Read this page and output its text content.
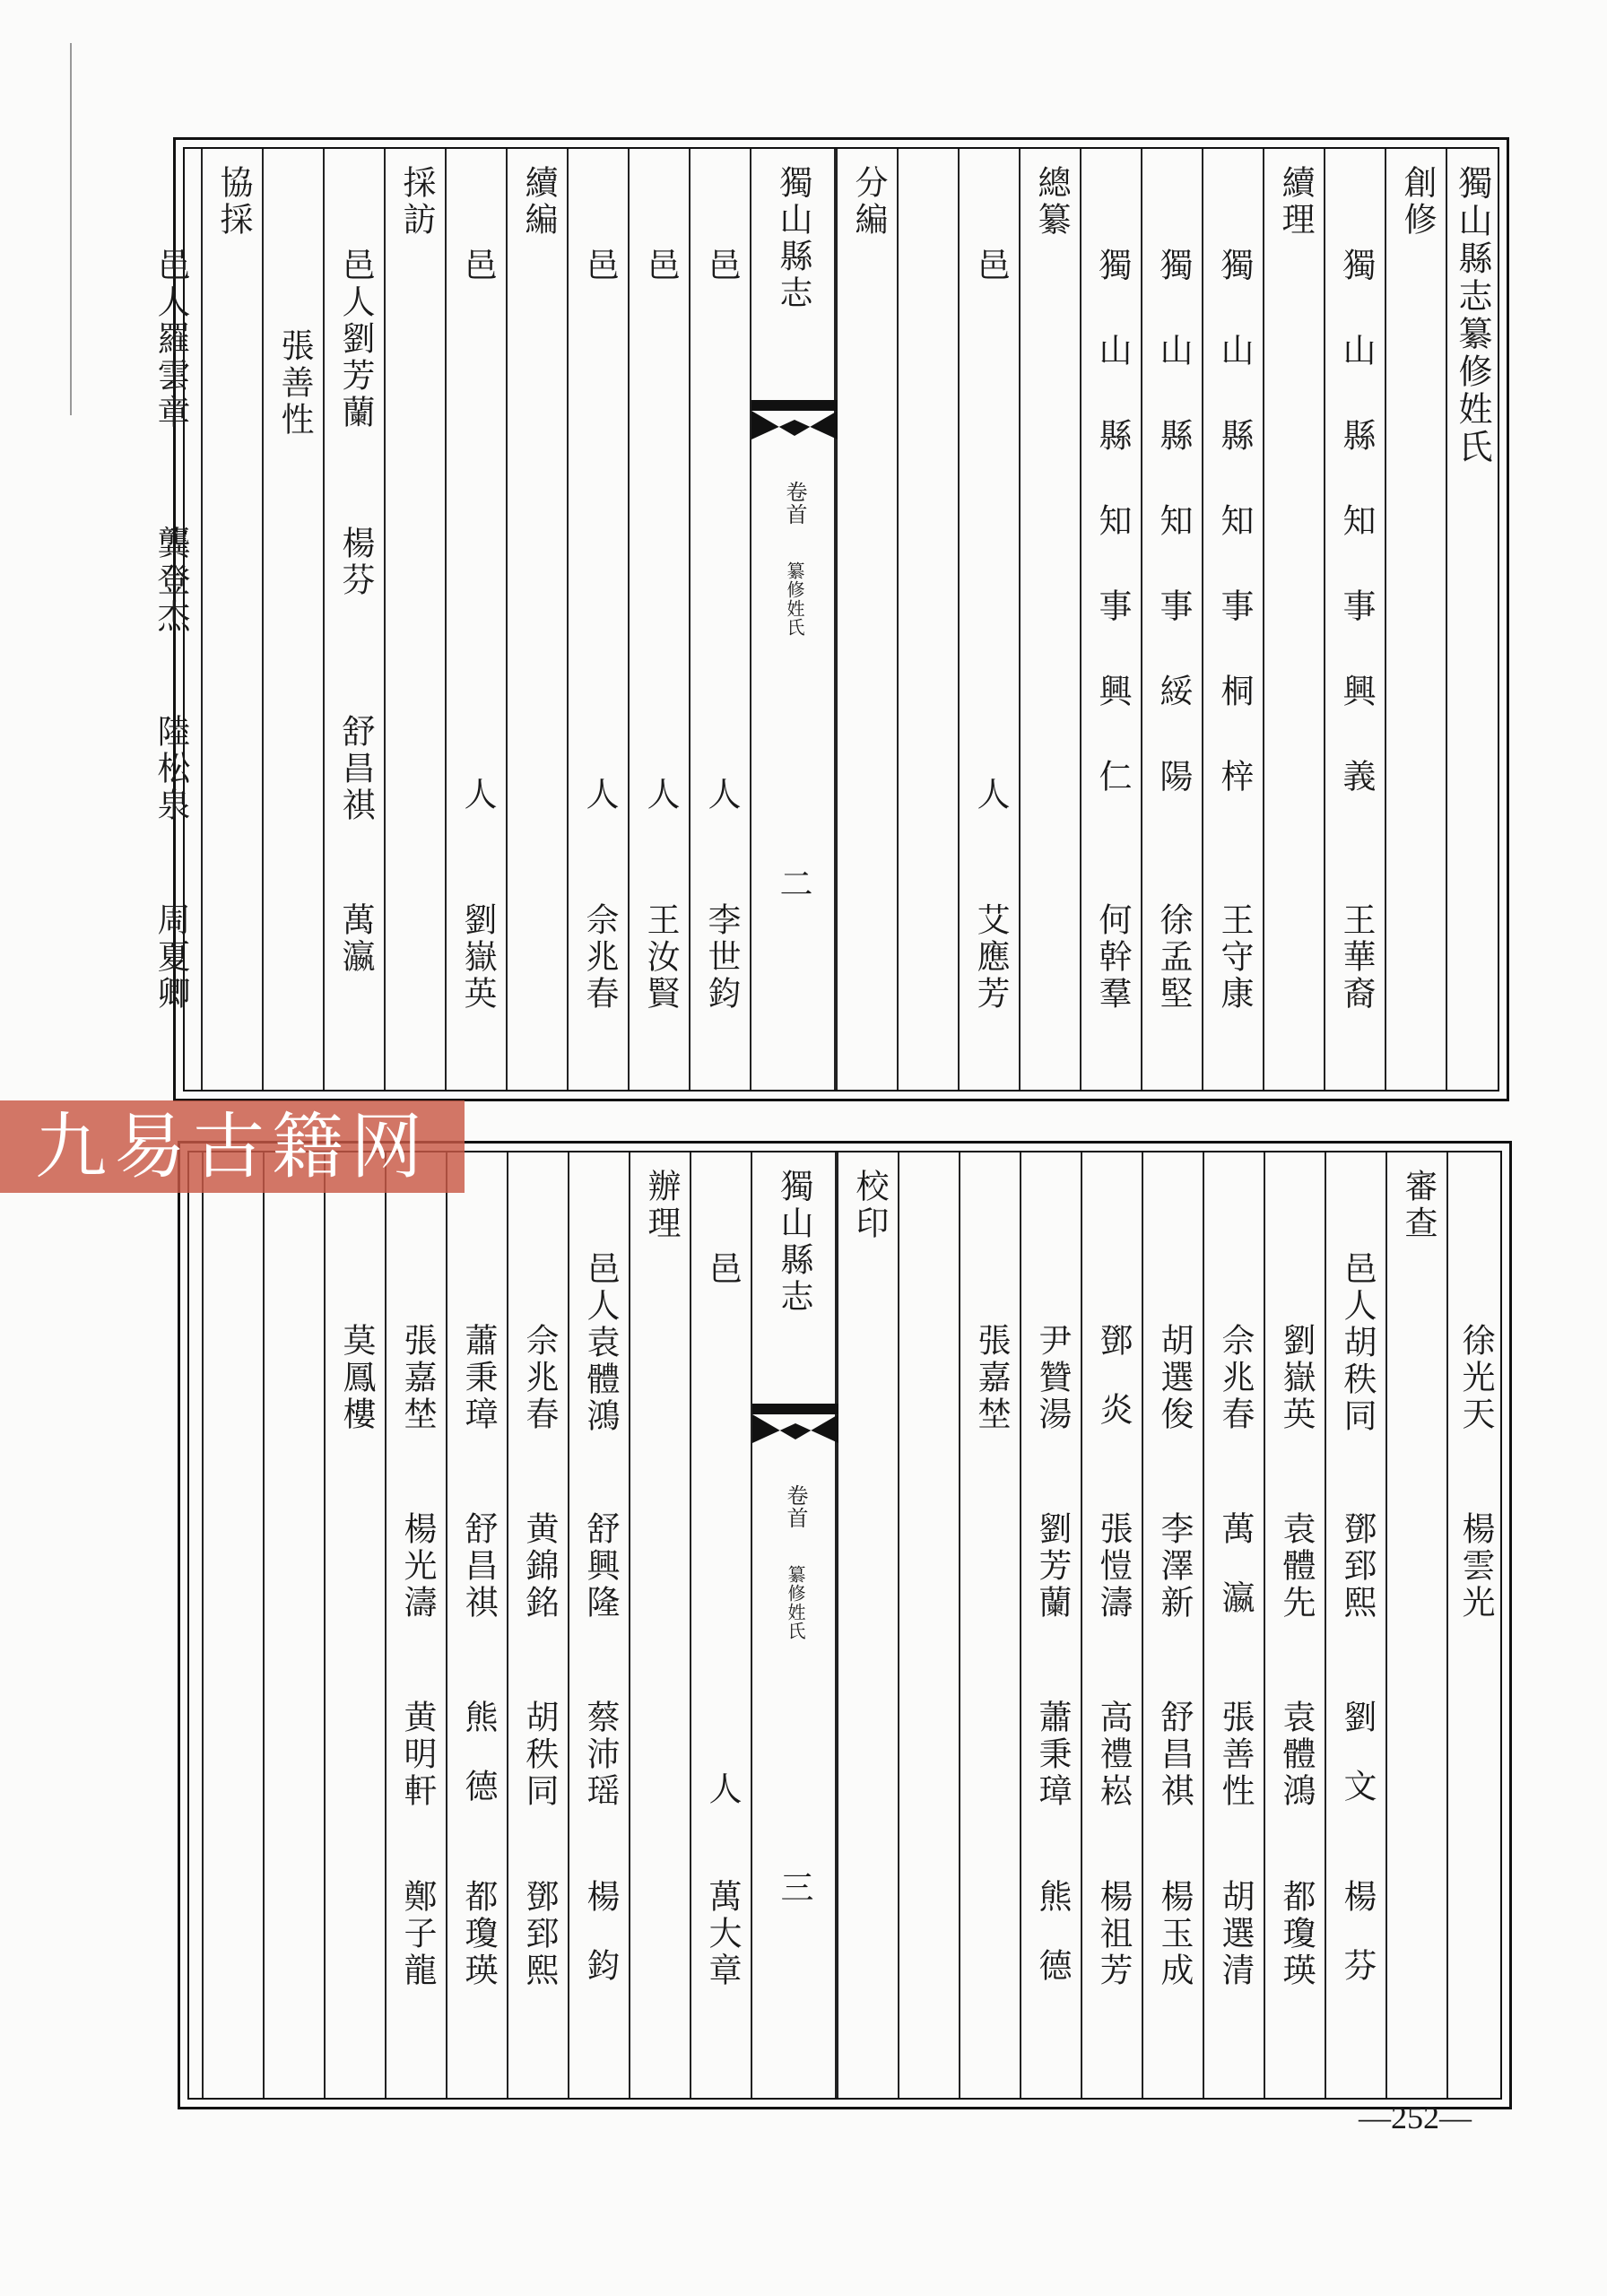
獨山縣志纂修姓氏
創修
獨山縣知事興義
王華裔
續理
獨山縣知事桐梓
王守康
獨山縣知事綏陽
徐孟堅
獨山縣知事興仁
何幹羣
總纂
邑
人
艾應芳
分編
獨山縣志
卷首
纂修姓氏
二
邑
人
李世鈞
邑
人
王汝賢
邑
人
佘兆春
續編
邑
人
劉嶽英
採訪
邑人劉芳蘭
楊芬
舒昌祺
萬瀛
張善性
協採
邑人羅雲章
龔登杰
陸松泉
周夏卿
徐光天
楊雲光
審查
邑人胡秩同
鄧郅熙
劉文
楊芬
劉嶽英
袁體先
袁體鴻
都瓊瑛
佘兆春
萬瀛
張善性
胡選清
胡選俊
李澤新
舒昌祺
楊玉成
鄧炎
張愷濤
高禮崧
楊祖芳
尹贊湯
劉芳蘭
蕭秉璋
熊德
張嘉埜
校印
獨山縣志
卷首
纂修姓氏
三
邑
人
萬大章
辦理
邑人袁體鴻
舒興隆
蔡沛瑶
楊鈞
佘兆春
黄錦銘
胡秩同
鄧郅熙
蕭秉璋
舒昌祺
熊德
都瓊瑛
張嘉埜
楊光濤
黄明軒
鄭子龍
莫鳳樓
九易古籍网
—252—
